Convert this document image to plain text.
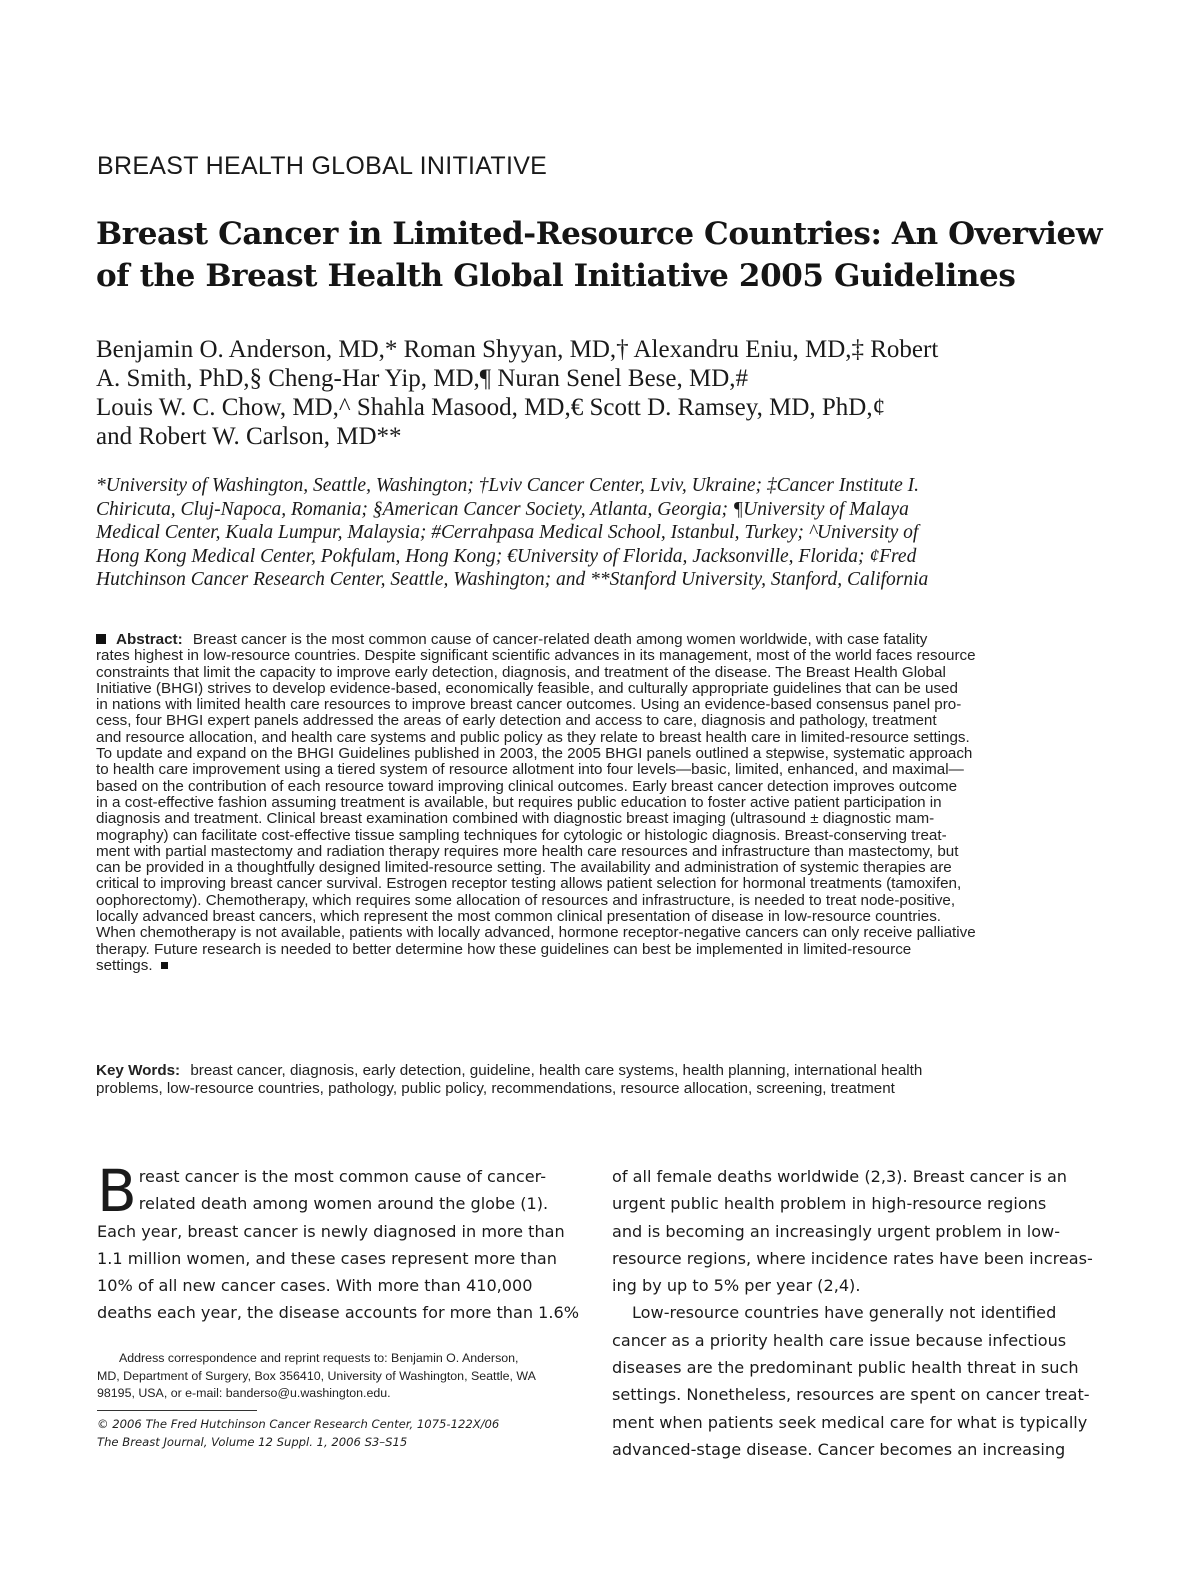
BREAST HEALTH GLOBAL INITIATIVE
Breast Cancer in Limited-Resource Countries: An Overview
of the Breast Health Global Initiative 2005 Guidelines
Benjamin O. Anderson, MD,* Roman Shyyan, MD,† Alexandru Eniu, MD,‡ Robert
A. Smith, PhD,§ Cheng-Har Yip, MD,¶ Nuran Senel Bese, MD,#
Louis W. C. Chow, MD,^ Shahla Masood, MD,€ Scott D. Ramsey, MD, PhD,¢
and Robert W. Carlson, MD**
*University of Washington, Seattle, Washington; †Lviv Cancer Center, Lviv, Ukraine; ‡Cancer Institute I.
Chiricuta, Cluj-Napoca, Romania; §American Cancer Society, Atlanta, Georgia; ¶University of Malaya
Medical Center, Kuala Lumpur, Malaysia; #Cerrahpasa Medical School, Istanbul, Turkey; ^University of
Hong Kong Medical Center, Pokfulam, Hong Kong; €University of Florida, Jacksonville, Florida; ¢Fred
Hutchinson Cancer Research Center, Seattle, Washington; and **Stanford University, Stanford, California
Abstract: Breast cancer is the most common cause of cancer-related death among women worldwide, with case fatality
rates highest in low-resource countries. Despite significant scientific advances in its management, most of the world faces resource
constraints that limit the capacity to improve early detection, diagnosis, and treatment of the disease. The Breast Health Global
Initiative (BHGI) strives to develop evidence-based, economically feasible, and culturally appropriate guidelines that can be used
in nations with limited health care resources to improve breast cancer outcomes. Using an evidence-based consensus panel pro-
cess, four BHGI expert panels addressed the areas of early detection and access to care, diagnosis and pathology, treatment
and resource allocation, and health care systems and public policy as they relate to breast health care in limited-resource settings.
To update and expand on the BHGI Guidelines published in 2003, the 2005 BHGI panels outlined a stepwise, systematic approach
to health care improvement using a tiered system of resource allotment into four levels—basic, limited, enhanced, and maximal—
based on the contribution of each resource toward improving clinical outcomes. Early breast cancer detection improves outcome
in a cost-effective fashion assuming treatment is available, but requires public education to foster active patient participation in
diagnosis and treatment. Clinical breast examination combined with diagnostic breast imaging (ultrasound ± diagnostic mam-
mography) can facilitate cost-effective tissue sampling techniques for cytologic or histologic diagnosis. Breast-conserving treat-
ment with partial mastectomy and radiation therapy requires more health care resources and infrastructure than mastectomy, but
can be provided in a thoughtfully designed limited-resource setting. The availability and administration of systemic therapies are
critical to improving breast cancer survival. Estrogen receptor testing allows patient selection for hormonal treatments (tamoxifen,
oophorectomy). Chemotherapy, which requires some allocation of resources and infrastructure, is needed to treat node-positive,
locally advanced breast cancers, which represent the most common clinical presentation of disease in low-resource countries.
When chemotherapy is not available, patients with locally advanced, hormone receptor-negative cancers can only receive palliative
therapy. Future research is needed to better determine how these guidelines can best be implemented in limited-resource
settings.
Key Words: breast cancer, diagnosis, early detection, guideline, health care systems, health planning, international health
problems, low-resource countries, pathology, public policy, recommendations, resource allocation, screening, treatment
B reast cancer is the most common cause of cancer-
related death among women around the globe (1).
Each year, breast cancer is newly diagnosed in more than
1.1 million women, and these cases represent more than
10% of all new cancer cases. With more than 410,000
deaths each year, the disease accounts for more than 1.6%
of all female deaths worldwide (2,3). Breast cancer is an
urgent public health problem in high-resource regions
and is becoming an increasingly urgent problem in low-
resource regions, where incidence rates have been increas-
ing by up to 5% per year (2,4).
Low-resource countries have generally not identified
cancer as a priority health care issue because infectious
diseases are the predominant public health threat in such
settings. Nonetheless, resources are spent on cancer treat-
ment when patients seek medical care for what is typically
advanced-stage disease. Cancer becomes an increasing
Address correspondence and reprint requests to: Benjamin O. Anderson,
MD, Department of Surgery, Box 356410, University of Washington, Seattle, WA
98195, USA, or e-mail: banderso@u.washington.edu.
© 2006 The Fred Hutchinson Cancer Research Center, 1075-122X/06
The Breast Journal, Volume 12 Suppl. 1, 2006 S3–S15
